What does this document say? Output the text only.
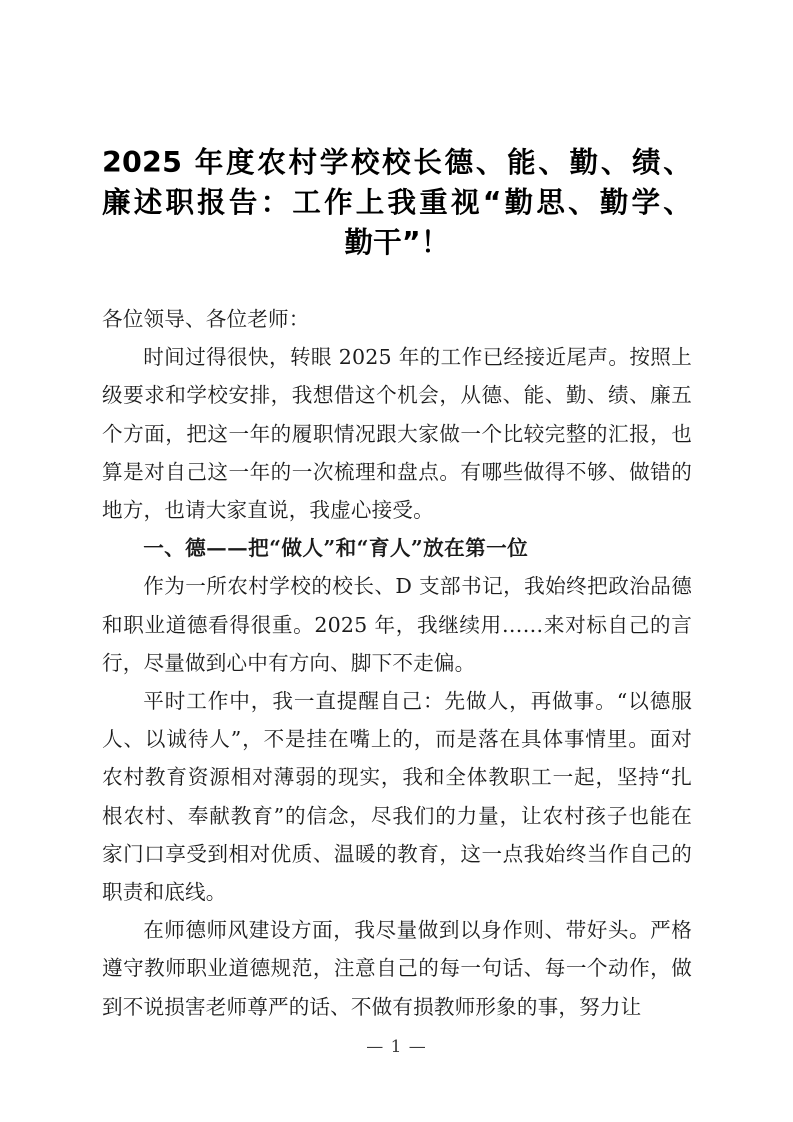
2025 年度农村学校校长德、能、勤、绩、
廉述职报告：工作上我重视“勤思、勤学、
勤干”！

各位领导、各位老师：

时间过得很快，转眼 2025 年的工作已经接近尾声。按照上级要求和学校安排，我想借这个机会，从德、能、勤、绩、廉五个方面，把这一年的履职情况跟大家做一个比较完整的汇报，也算是对自己这一年的一次梳理和盘点。有哪些做得不够、做错的地方，也请大家直说，我虚心接受。

一、德——把“做人”和“育人”放在第一位

作为一所农村学校的校长、D 支部书记，我始终把政治品德和职业道德看得很重。2025 年，我继续用……来对标自己的言行，尽量做到心中有方向、脚下不走偏。

平时工作中，我一直提醒自己：先做人，再做事。“以德服人、以诚待人”，不是挂在嘴上的，而是落在具体事情里。面对农村教育资源相对薄弱的现实，我和全体教职工一起，坚持“扎根农村、奉献教育”的信念，尽我们的力量，让农村孩子也能在家门口享受到相对优质、温暖的教育，这一点我始终当作自己的职责和底线。

在师德师风建设方面，我尽量做到以身作则、带好头。严格遵守教师职业道德规范，注意自己的每一句话、每一个动作，做到不说损害老师尊严的话、不做有损教师形象的事，努力让

— 1 —
